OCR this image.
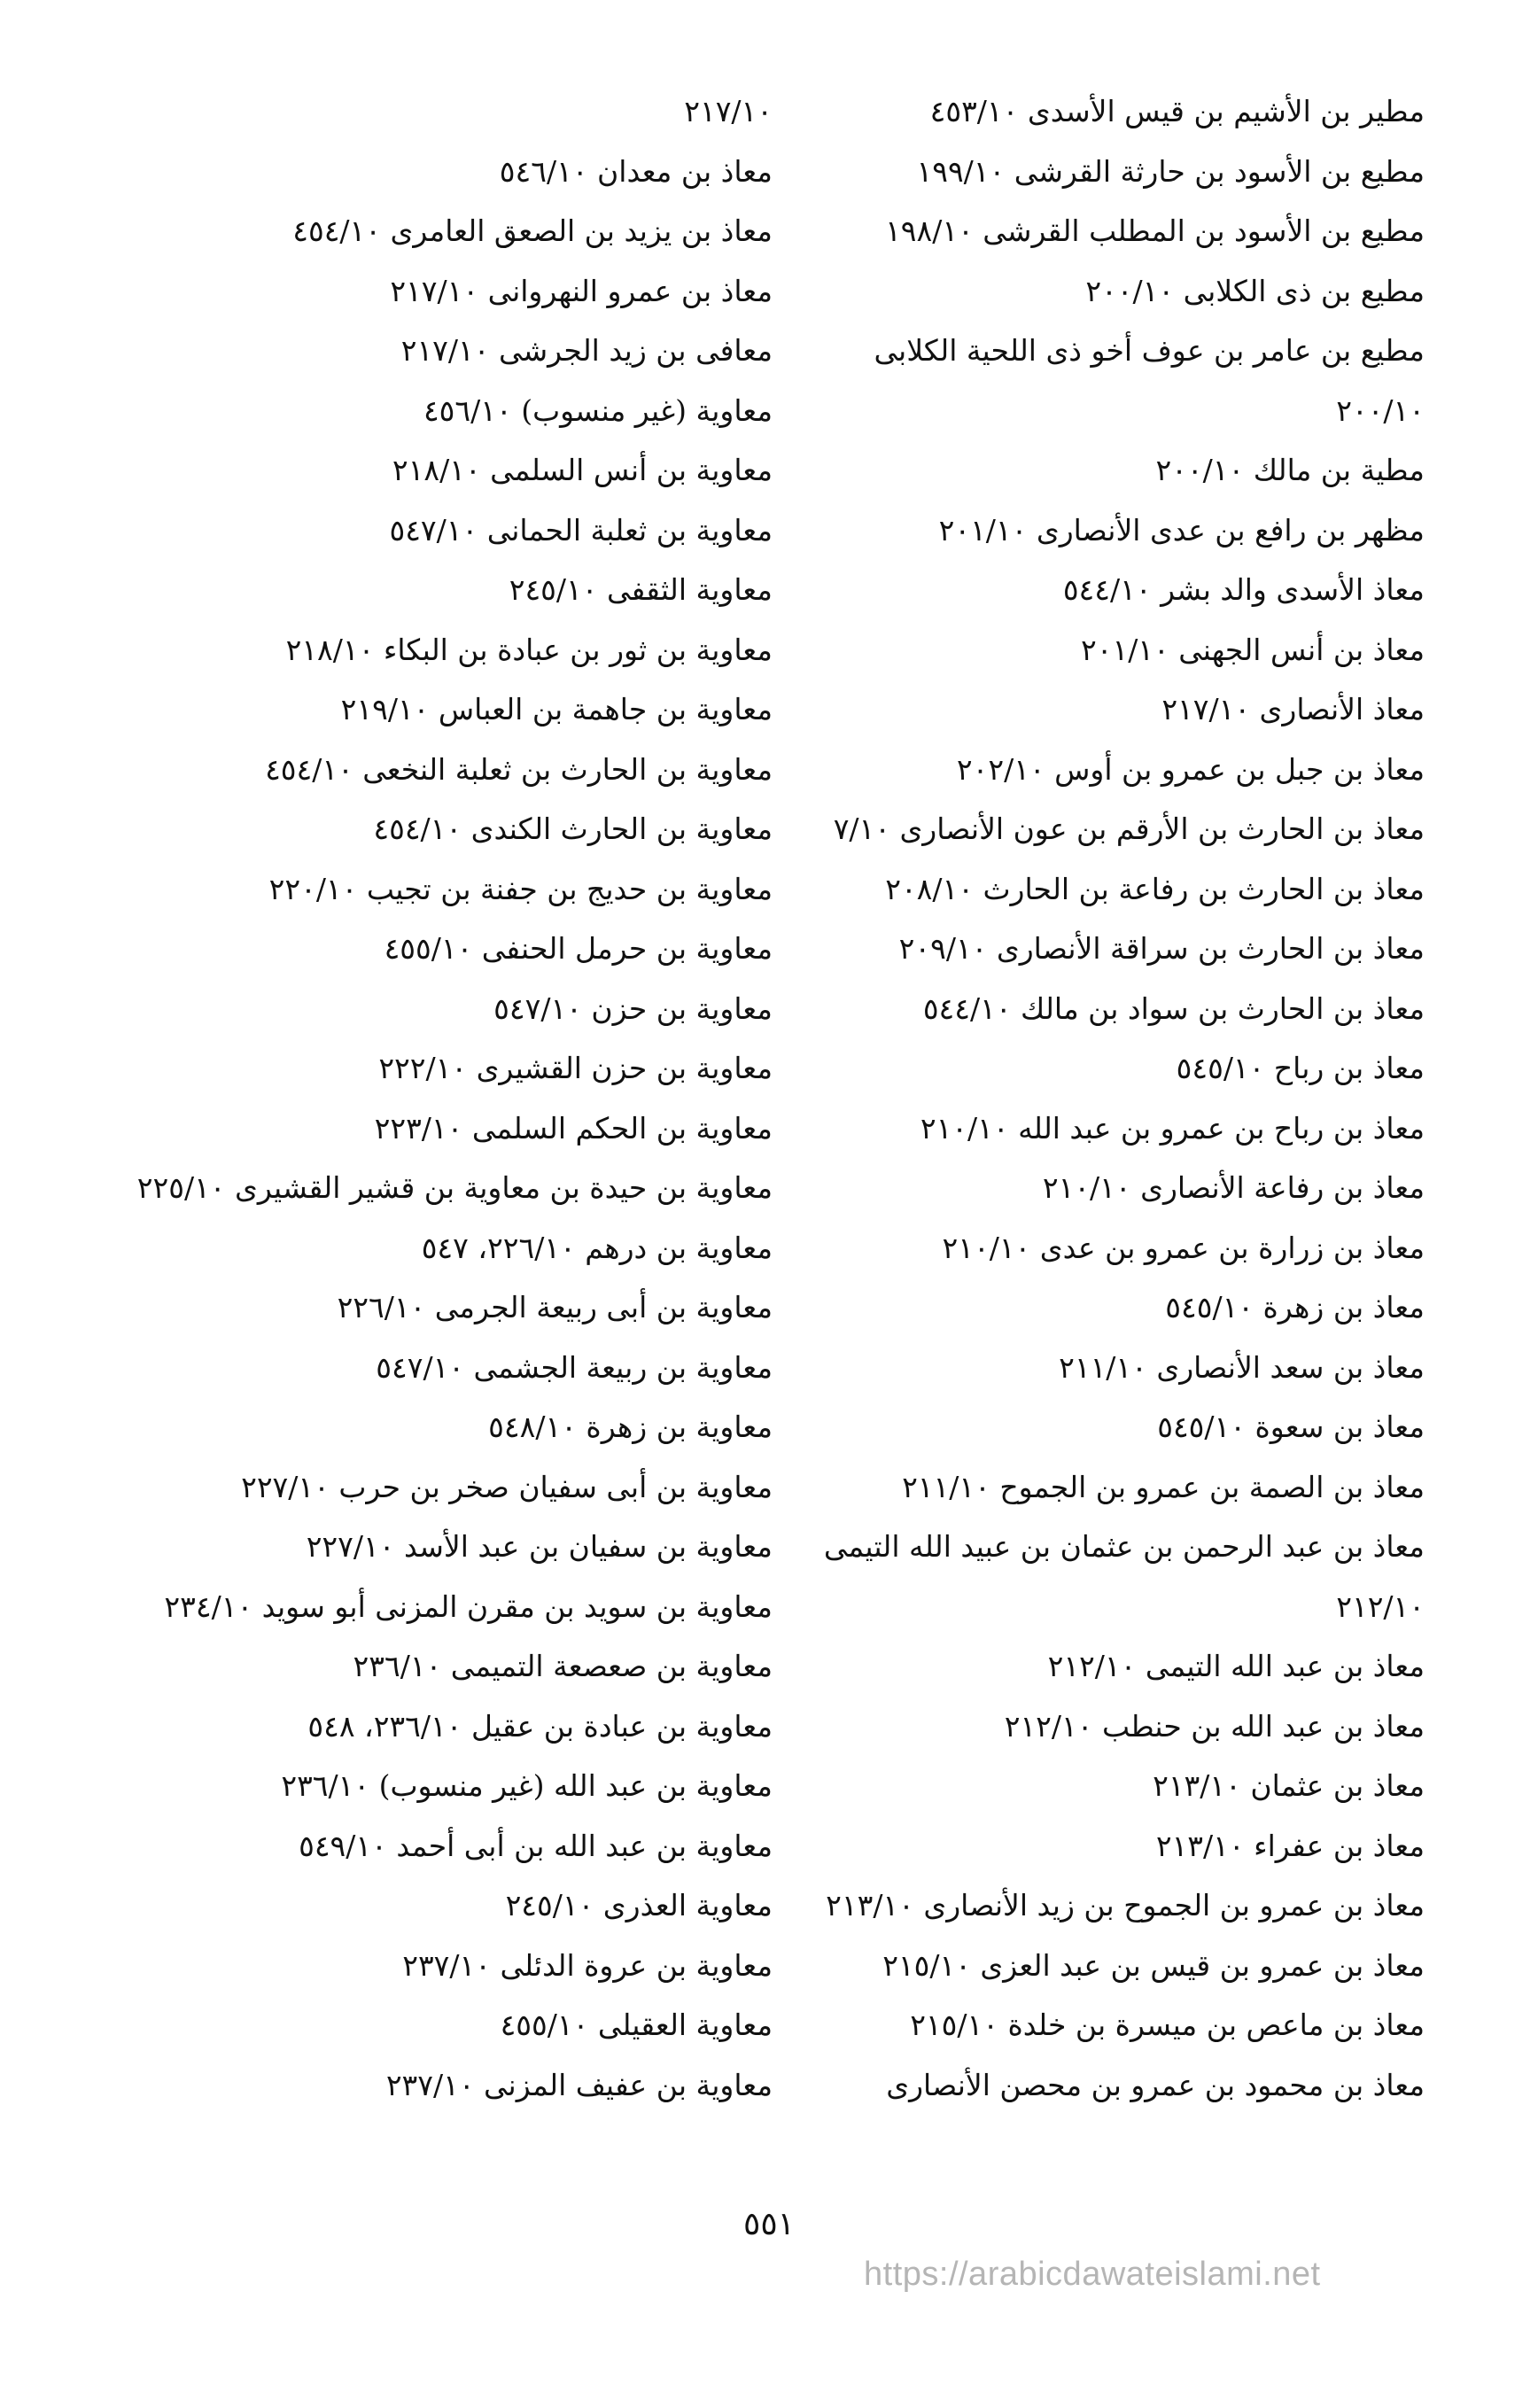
مطير بن الأشيم بن قيس الأسدى ٤٥٣/١٠
مطيع بن الأسود بن حارثة القرشى ١٩٩/١٠
مطيع بن الأسود بن المطلب القرشى ١٩٨/١٠
مطيع بن ذى الكلابى ٢٠٠/١٠
مطيع بن عامر بن عوف أخو ذى اللحية الكلابى ٢٠٠/١٠
مطية بن مالك ٢٠٠/١٠
مظهر بن رافع بن عدى الأنصارى ٢٠١/١٠
معاذ الأسدى والد بشر ٥٤٤/١٠
معاذ بن أنس الجهنى ٢٠١/١٠
معاذ الأنصارى ٢١٧/١٠
معاذ بن جبل بن عمرو بن أوس ٢٠٢/١٠
معاذ بن الحارث بن الأرقم بن عون الأنصارى ٧/١٠
معاذ بن الحارث بن رفاعة بن الحارث ٢٠٨/١٠
معاذ بن الحارث بن سراقة الأنصارى ٢٠٩/١٠
معاذ بن الحارث بن سواد بن مالك ٥٤٤/١٠
معاذ بن رباح ٥٤٥/١٠
معاذ بن رباح بن عمرو بن عبد الله ٢١٠/١٠
معاذ بن رفاعة الأنصارى ٢١٠/١٠
معاذ بن زرارة بن عمرو بن عدى ٢١٠/١٠
معاذ بن زهرة ٥٤٥/١٠
معاذ بن سعد الأنصارى ٢١١/١٠
معاذ بن سعوة ٥٤٥/١٠
معاذ بن الصمة بن عمرو بن الجموح ٢١١/١٠
معاذ بن عبد الرحمن بن عثمان بن عبيد الله التيمى ٢١٢/١٠
معاذ بن عبد الله التيمى ٢١٢/١٠
معاذ بن عبد الله بن حنطب ٢١٢/١٠
معاذ بن عثمان ٢١٣/١٠
معاذ بن عفراء ٢١٣/١٠
معاذ بن عمرو بن الجموح بن زيد الأنصارى ٢١٣/١٠
معاذ بن عمرو بن قيس بن عبد العزى ٢١٥/١٠
معاذ بن ماعص بن ميسرة بن خلدة ٢١٥/١٠
معاذ بن محمود بن عمرو بن محصن الأنصارى
٢١٧/١٠
معاذ بن معدان ٥٤٦/١٠
معاذ بن يزيد بن الصعق العامرى ٤٥٤/١٠
معاذ بن عمرو النهروانى ٢١٧/١٠
معافى بن زيد الجرشى ٢١٧/١٠
معاوية (غير منسوب) ٤٥٦/١٠
معاوية بن أنس السلمى ٢١٨/١٠
معاوية بن ثعلبة الحمانى ٥٤٧/١٠
معاوية الثقفى ٢٤٥/١٠
معاوية بن ثور بن عبادة بن البكاء ٢١٨/١٠
معاوية بن جاهمة بن العباس ٢١٩/١٠
معاوية بن الحارث بن ثعلبة النخعى ٤٥٤/١٠
معاوية بن الحارث الكندى ٤٥٤/١٠
معاوية بن حديج بن جفنة بن تجيب ٢٢٠/١٠
معاوية بن حرمل الحنفى ٤٥٥/١٠
معاوية بن حزن ٥٤٧/١٠
معاوية بن حزن القشيرى ٢٢٢/١٠
معاوية بن الحكم السلمى ٢٢٣/١٠
معاوية بن حيدة بن معاوية بن قشير القشيرى ٢٢٥/١٠
معاوية بن درهم ٢٢٦/١٠، ٥٤٧
معاوية بن أبى ربيعة الجرمى ٢٢٦/١٠
معاوية بن ربيعة الجشمى ٥٤٧/١٠
معاوية بن زهرة ٥٤٨/١٠
معاوية بن أبى سفيان صخر بن حرب ٢٢٧/١٠
معاوية بن سفيان بن عبد الأسد ٢٢٧/١٠
معاوية بن سويد بن مقرن المزنى أبو سويد ٢٣٤/١٠
معاوية بن صعصعة التميمى ٢٣٦/١٠
معاوية بن عبادة بن عقيل ٢٣٦/١٠، ٥٤٨
معاوية بن عبد الله (غير منسوب) ٢٣٦/١٠
معاوية بن عبد الله بن أبى أحمد ٥٤٩/١٠
معاوية العذرى ٢٤٥/١٠
معاوية بن عروة الدئلى ٢٣٧/١٠
معاوية العقيلى ٤٥٥/١٠
معاوية بن عفيف المزنى ٢٣٧/١٠
٥٥١
https://arabicdawateislami.net
